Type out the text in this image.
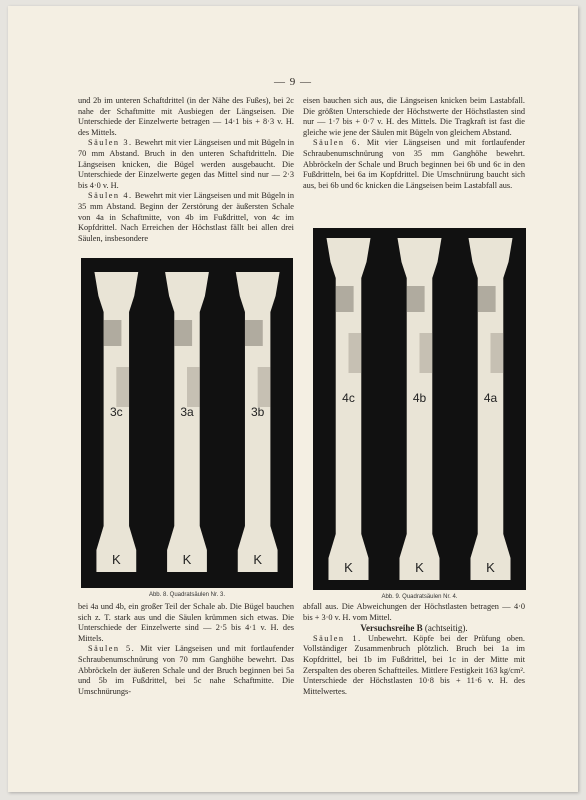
— 9 —

und 2b im unteren Schaftdrittel (in der Nähe des Fußes), bei 2c nahe der Schaftmitte mit Ausbiegen der Längseisen. Die Unterschiede der Einzelwerte betragen — 14·1 bis + 8·3 v. H. des Mittels.

Säulen 3. Bewehrt mit vier Längseisen und mit Bügeln in 70 mm Abstand. Bruch in den unteren Schaftdritteln. Die Längseisen knicken, die Bügel werden ausgebaucht. Die Unterschiede der Einzelwerte gegen das Mittel sind nur — 2·3 bis 4·0 v. H.

Säulen 4. Bewehrt mit vier Längseisen und mit Bügeln in 35 mm Abstand. Beginn der Zerstörung der äußersten Schale von 4a in Schaftmitte, von 4b im Fußdrittel, von 4c im Kopfdrittel. Nach Erreichen der Höchstlast fällt bei allen drei Säulen, insbesondere

eisen bauchen sich aus, die Längseisen knicken beim Lastabfall. Die größten Unterschiede der Höchstwerte der Höchstlasten sind nur — 1·7 bis + 0·7 v. H. des Mittels. Die Tragkraft ist fast die gleiche wie jene der Säulen mit Bügeln von gleichem Abstand.

Säulen 6. Mit vier Längseisen und mit fortlaufender Schraubenumschnürung von 35 mm Ganghöhe bewehrt. Abbröckeln der Schale und Bruch beginnen bei 6b und 6c in den Fußdritteln, bei 6a im Kopfdrittel. Die Umschnürung baucht sich aus, bei 6b und 6c knicken die Längseisen beim Lastabfall aus.

3c
K
3a
K
3b
K
Abb. 8. Quadratsäulen Nr. 3.
4c
K
4b
K
4a
K
Abb. 9. Quadratsäulen Nr. 4.

bei 4a und 4b, ein großer Teil der Schale ab. Die Bügel bauchen sich z. T. stark aus und die Säulen krümmen sich etwas. Die Unterschiede der Einzelwerte sind — 2·5 bis 4·1 v. H. des Mittels.

Säulen 5. Mit vier Längseisen und mit fortlaufender Schraubenumschnürung von 70 mm Ganghöhe bewehrt. Das Abbröckeln der äußeren Schale und der Bruch beginnen bei 5a und 5b im Fußdrittel, bei 5c nahe Schaftmitte. Die Umschnürungs-

abfall aus. Die Abweichungen der Höchstlasten betragen — 4·0 bis + 3·0 v. H. vom Mittel.

Versuchsreihe B (achtseitig).

Säulen 1. Unbewehrt. Köpfe bei der Prüfung oben. Vollständiger Zusammenbruch plötzlich. Bruch bei 1a im Kopfdrittel, bei 1b im Fußdrittel, bei 1c in der Mitte mit Zerspalten des oberen Schaftteiles. Mittlere Festigkeit 163 kg/cm². Unterschiede der Höchstlasten 10·8 bis + 11·6 v. H. des Mittelwertes.
